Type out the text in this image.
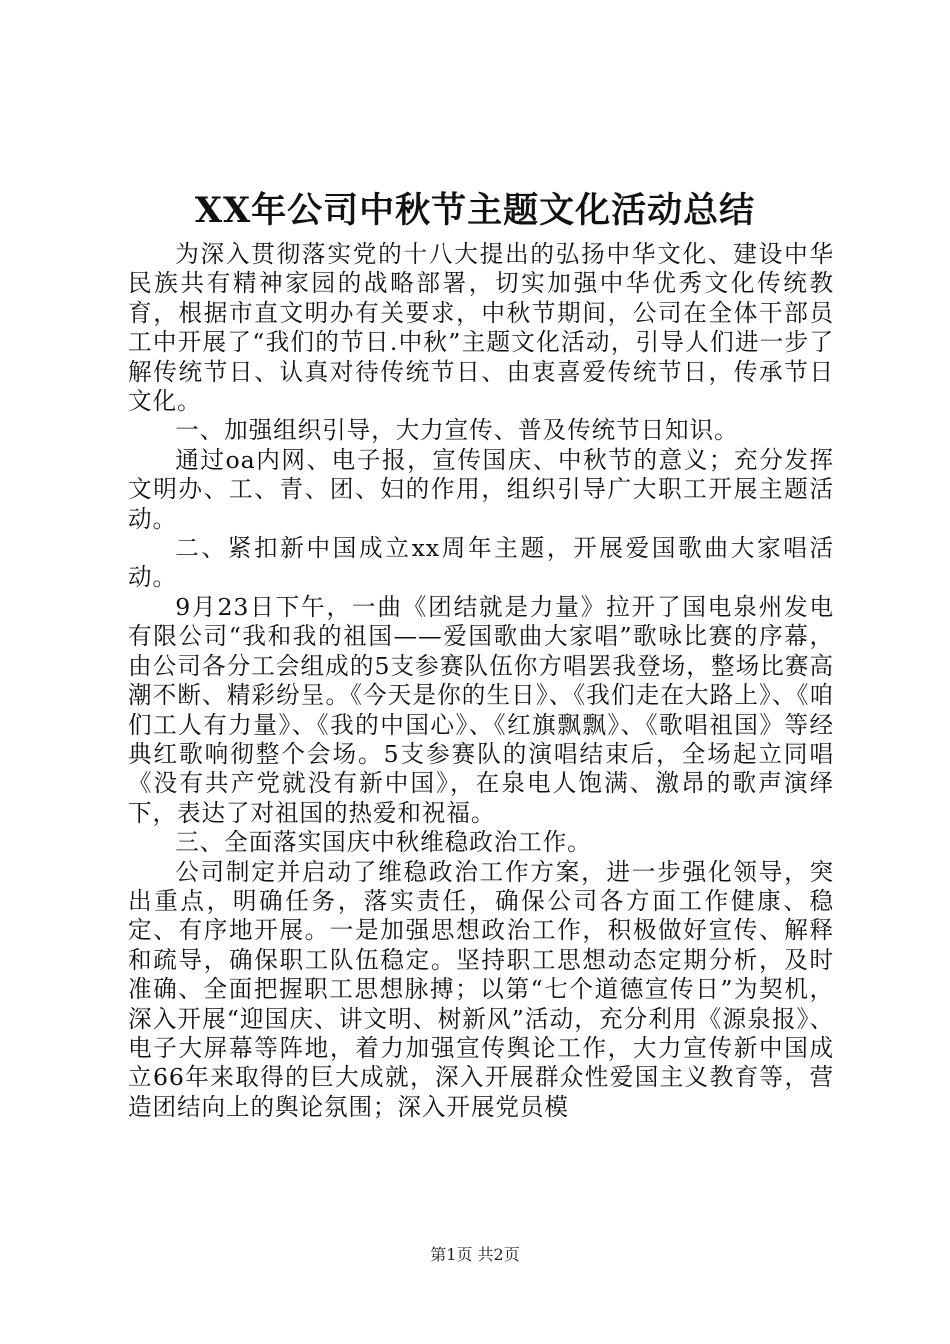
XX年公司中秋节主题文化活动总结

为深入贯彻落实党的十八大提出的弘扬中华文化、建设中华民族共有精神家园的战略部署，切实加强中华优秀文化传统教育，根据市直文明办有关要求，中秋节期间，公司在全体干部员工中开展了“我们的节日.中秋”主题文化活动，引导人们进一步了解传统节日、认真对待传统节日、由衷喜爱传统节日，传承节日文化。

一、加强组织引导，大力宣传、普及传统节日知识。

通过oa内网、电子报，宣传国庆、中秋节的意义；充分发挥文明办、工、青、团、妇的作用，组织引导广大职工开展主题活动。

二、紧扣新中国成立xx周年主题，开展爱国歌曲大家唱活动。

9月23日下午，一曲《团结就是力量》拉开了国电泉州发电有限公司“我和我的祖国——爱国歌曲大家唱”歌咏比赛的序幕，由公司各分工会组成的5支参赛队伍你方唱罢我登场，整场比赛高潮不断、精彩纷呈。《今天是你的生日》、《我们走在大路上》、《咱们工人有力量》、《我的中国心》、《红旗飘飘》、《歌唱祖国》等经典红歌响彻整个会场。5支参赛队的演唱结束后，全场起立同唱《没有共产党就没有新中国》，在泉电人饱满、激昂的歌声演绎下，表达了对祖国的热爱和祝福。

三、全面落实国庆中秋维稳政治工作。

公司制定并启动了维稳政治工作方案，进一步强化领导，突出重点，明确任务，落实责任，确保公司各方面工作健康、稳定、有序地开展。一是加强思想政治工作，积极做好宣传、解释和疏导，确保职工队伍稳定。坚持职工思想动态定期分析，及时准确、全面把握职工思想脉搏；以第“七个道德宣传日”为契机，深入开展“迎国庆、讲文明、树新风”活动，充分利用《源泉报》、电子大屏幕等阵地，着力加强宣传舆论工作，大力宣传新中国成立66年来取得的巨大成就，深入开展群众性爱国主义教育等，营造团结向上的舆论氛围；深入开展党员模

第1页 共2页
